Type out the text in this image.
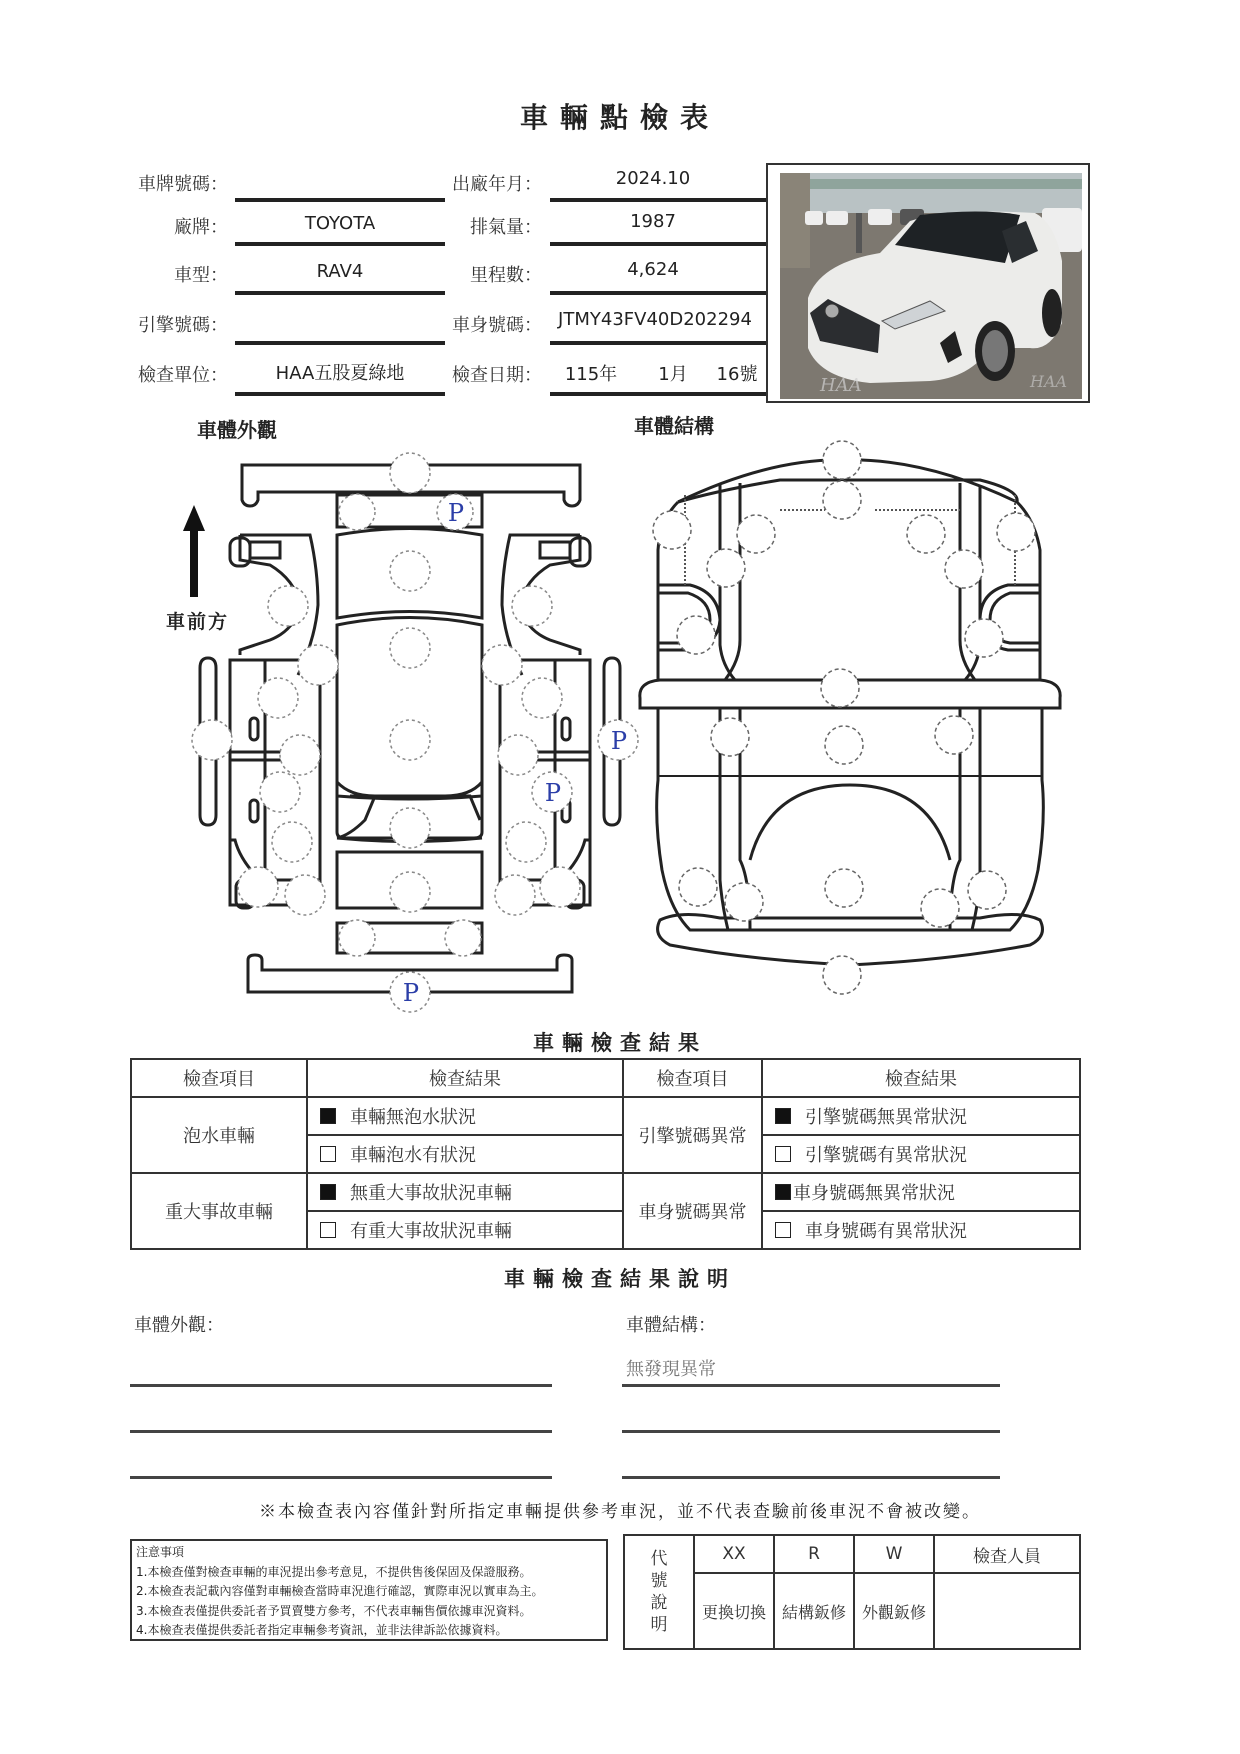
車輛點檢表
車牌號碼：
廠牌：	TOYOTA
車型：	RAV4
引擎號碼：
檢查單位：	HAA五股夏綠地
出廠年月：	2024.10
排氣量：	1987
里程數：	4,624
車身號碼： JTMY43FV40D202294
檢查日期：	115年	1月	16號
HAA	HAA
車體外觀
車前方
P
P
P
P
車體結構
車輛檢查結果
檢查項目	檢查結果	檢查項目	檢查結果
泡水車輛	車輛無泡水狀況	引擎號碼異常	引擎號碼無異常狀況
	車輛泡水有狀況		引擎號碼有異常狀況
重大事故車輛	無重大事故狀況車輛	車身號碼異常	車身號碼無異常狀況
	有重大事故狀況車輛		車身號碼有異常狀況
車輛檢查結果說明
車體外觀：	車體結構：
無發現異常
※本檢查表內容僅針對所指定車輛提供參考車況，並不代表查驗前後車況不會被改變。
注意事項
1.本檢查僅對檢查車輛的車況提出參考意見，不提供售後保固及保證服務。
2.本檢查表記載內容僅對車輛檢查當時車況進行確認，實際車況以實車為主。
3.本檢查表僅提供委託者予買賣雙方參考，不代表車輛售價依據車況資料。
4.本檢查表僅提供委託者指定車輛參考資訊，並非法律訴訟依據資料。
代
號
說
明	XX	R	W	檢查人員
	更換切換	結構鈑修	外觀鈑修	
